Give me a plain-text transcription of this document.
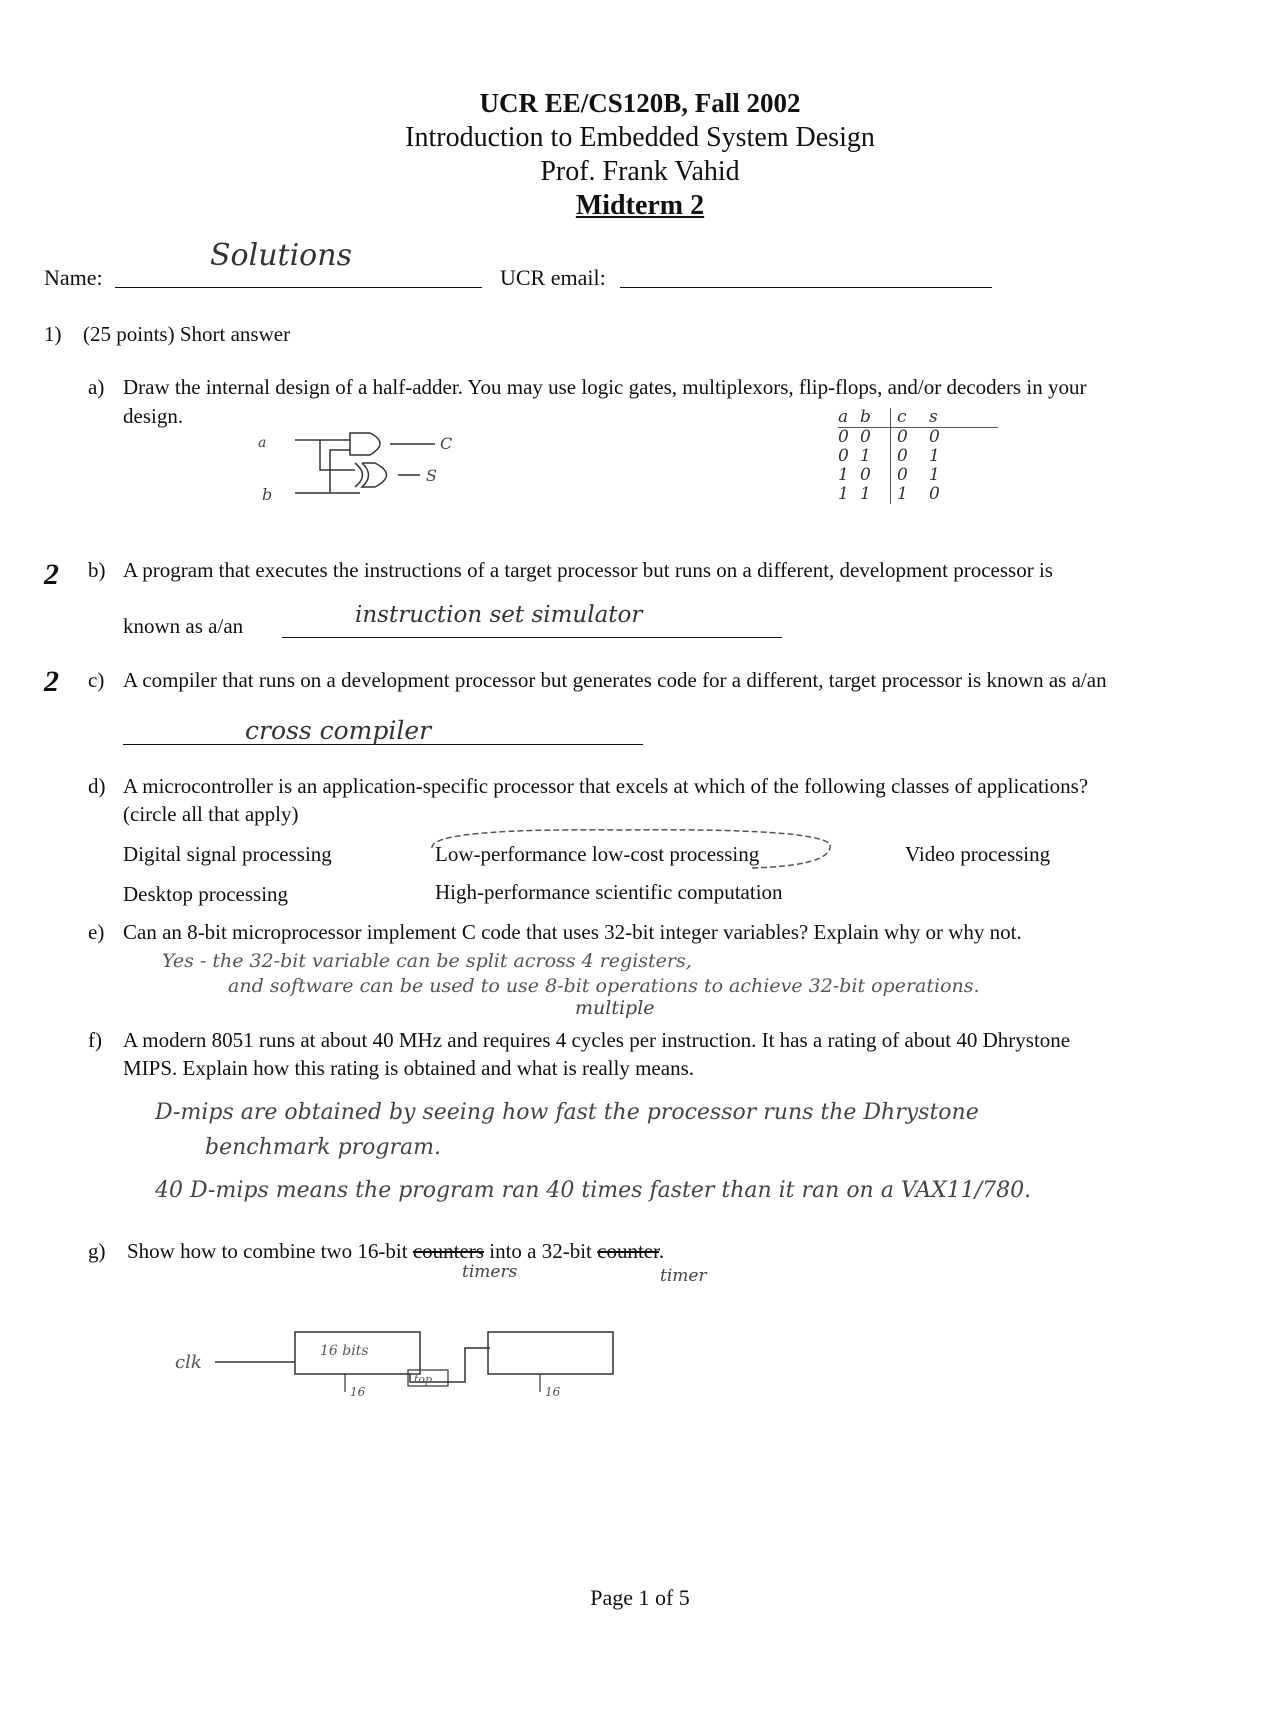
UCR EE/CS120B, Fall 2002
Introduction to Embedded System Design
Prof. Frank Vahid
Midterm 2
Name:
Solutions
UCR email:
1) (25 points) Short answer
a) Draw the internal design of a half-adder. You may use logic gates, multiplexors, flip-flops, and/or decoders in your
design.
a
b
C
S
a b	c	s
0 0	0	0
0 1	0	1
1 0	0	1
1 1	1	0
2 b) A program that executes the instructions of a target processor but runs on a different, development processor is
known as a/an	instruction set simulator
2 c) A compiler that runs on a development processor but generates code for a different, target processor is known as a/an
cross compiler
d) A microcontroller is an application-specific processor that excels at which of the following classes of applications?
(circle all that apply)
Digital signal processing	Low-performance low-cost processing	Video processing
Desktop processing	High-performance scientific computation
e) Can an 8-bit microprocessor implement C code that uses 32-bit integer variables? Explain why or why not.
Yes - the 32-bit variable can be split across 4 registers,
and software can be used to use 8-bit operations to achieve 32-bit operations.
multiple
f) A modern 8051 runs at about 40 MHz and requires 4 cycles per instruction. It has a rating of about 40 Dhrystone
MIPS. Explain how this rating is obtained and what is really means.
D-mips are obtained by seeing how fast the processor runs the Dhrystone
benchmark program.
40 D-mips means the program ran 40 times faster than it ran on a VAX11/780.
g) Show how to combine two 16-bit counters into a 32-bit counter.
timers	timer
clk
16 bits
top
16	16
Page 1 of 5
